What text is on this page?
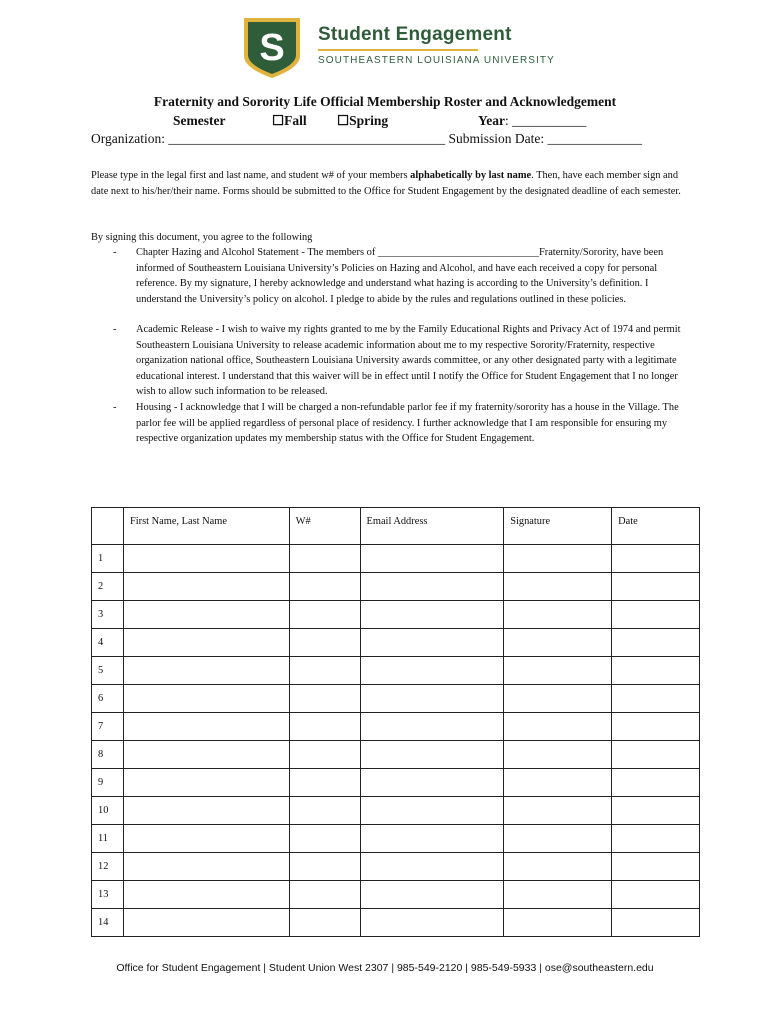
S Student Engagement
SOUTHEASTERN LOUISIANA UNIVERSITY
Fraternity and Sorority Life Official Membership Roster and Acknowledgement
Semester	☐Fall ☐Spring	Year: ___________
Organization: _________________________________________ Submission Date: ______________
Please type in the legal first and last name, and student w# of your members alphabetically by last name. Then, have each member sign and date next to his/her/their name. Forms should be submitted to the Office for Student Engagement by the designated deadline of each semester.
By signing this document, you agree to the following
- Chapter Hazing and Alcohol Statement - The members of _______________________________Fraternity/Sorority, have been informed of Southeastern Louisiana University’s Policies on Hazing and Alcohol, and have each received a copy for personal reference. By my signature, I hereby acknowledge and understand what hazing is according to the University’s definition. I understand the University’s policy on alcohol. I pledge to abide by the rules and regulations outlined in these policies.
- Academic Release - I wish to waive my rights granted to me by the Family Educational Rights and Privacy Act of 1974 and permit Southeastern Louisiana University to release academic information about me to my respective Sorority/Fraternity, respective organization national office, Southeastern Louisiana University awards committee, or any other designated party with a legitimate educational interest. I understand that this waiver will be in effect until I notify the Office for Student Engagement that I no longer wish to allow such information to be released.
- Housing - I acknowledge that I will be charged a non-refundable parlor fee if my fraternity/sorority has a house in the Village. The parlor fee will be applied regardless of personal place of residency. I further acknowledge that I am responsible for ensuring my respective organization updates my membership status with the Office for Student Engagement.
	First Name, Last Name	W#	Email Address	Signature	Date
1					
2					
3					
4					
5					
6					
7					
8					
9					
10					
11					
12					
13					
14					
Office for Student Engagement | Student Union West 2307 | 985-549-2120 | 985-549-5933 | ose@southeastern.edu
